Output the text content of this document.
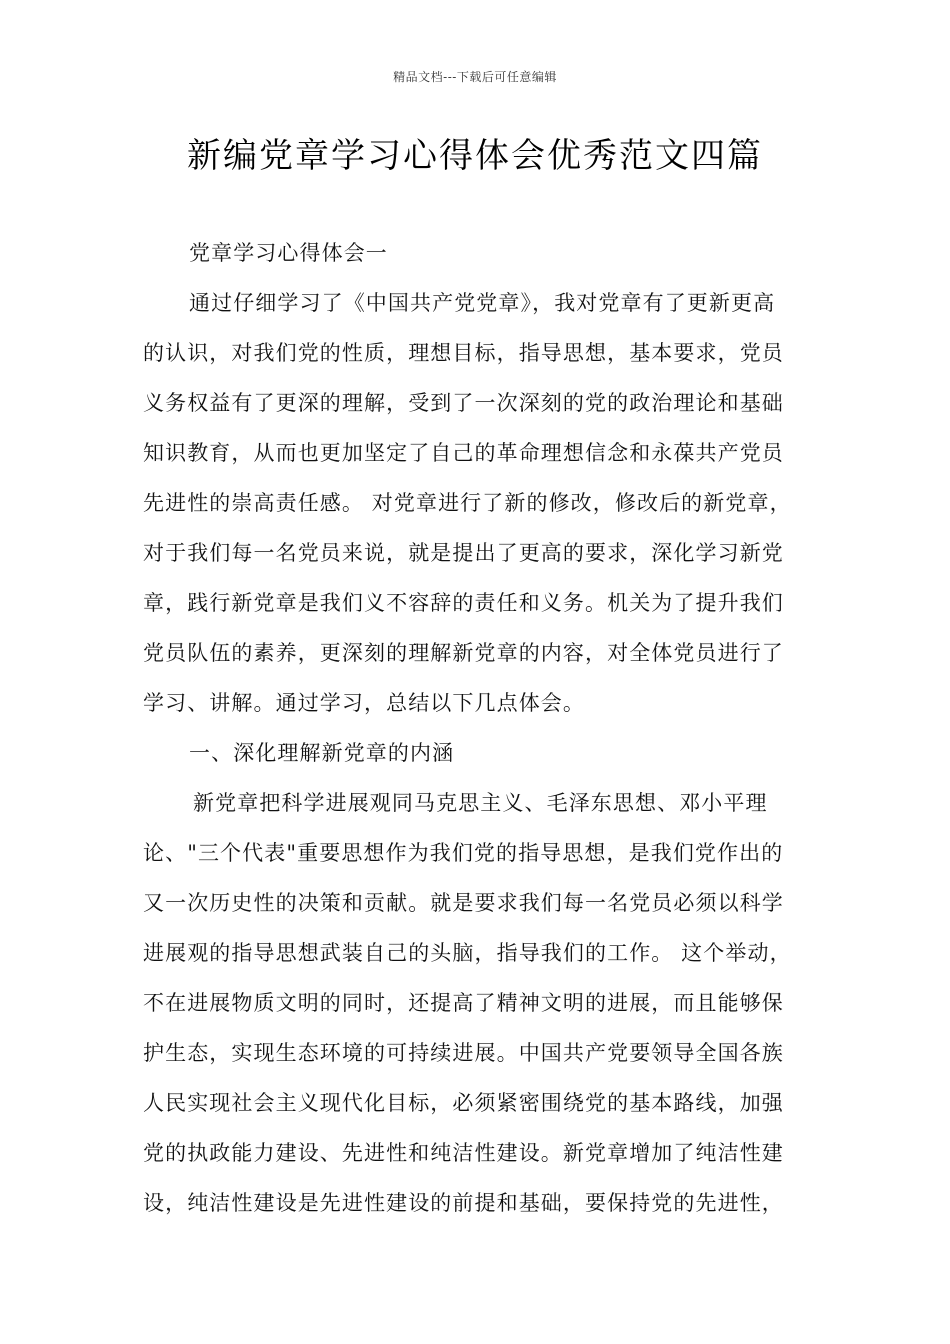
精品文档---下载后可任意编辑
新编党章学习心得体会优秀范文四篇
党章学习心得体会一
通过仔细学习了《中国共产党党章》，我对党章有了更新更高
的认识，对我们党的性质，理想目标，指导思想，基本要求，党员
义务权益有了更深的理解，受到了一次深刻的党的政治理论和基础
知识教育，从而也更加坚定了自己的革命理想信念和永葆共产党员
先进性的崇高责任感。 对党章进行了新的修改，修改后的新党章，
对于我们每一名党员来说，就是提出了更高的要求，深化学习新党
章，践行新党章是我们义不容辞的责任和义务。机关为了提升我们
党员队伍的素养，更深刻的理解新党章的内容，对全体党员进行了
学习、讲解。通过学习，总结以下几点体会。
一、深化理解新党章的内涵
新党章把科学进展观同马克思主义、毛泽东思想、邓小平理
论、"三个代表"重要思想作为我们党的指导思想，是我们党作出的
又一次历史性的决策和贡献。就是要求我们每一名党员必须以科学
进展观的指导思想武装自己的头脑，指导我们的工作。 这个举动，
不在进展物质文明的同时，还提高了精神文明的进展，而且能够保
护生态，实现生态环境的可持续进展。中国共产党要领导全国各族
人民实现社会主义现代化目标，必须紧密围绕党的基本路线，加强
党的执政能力建设、先进性和纯洁性建设。新党章增加了纯洁性建
设，纯洁性建设是先进性建设的前提和基础，要保持党的先进性，
